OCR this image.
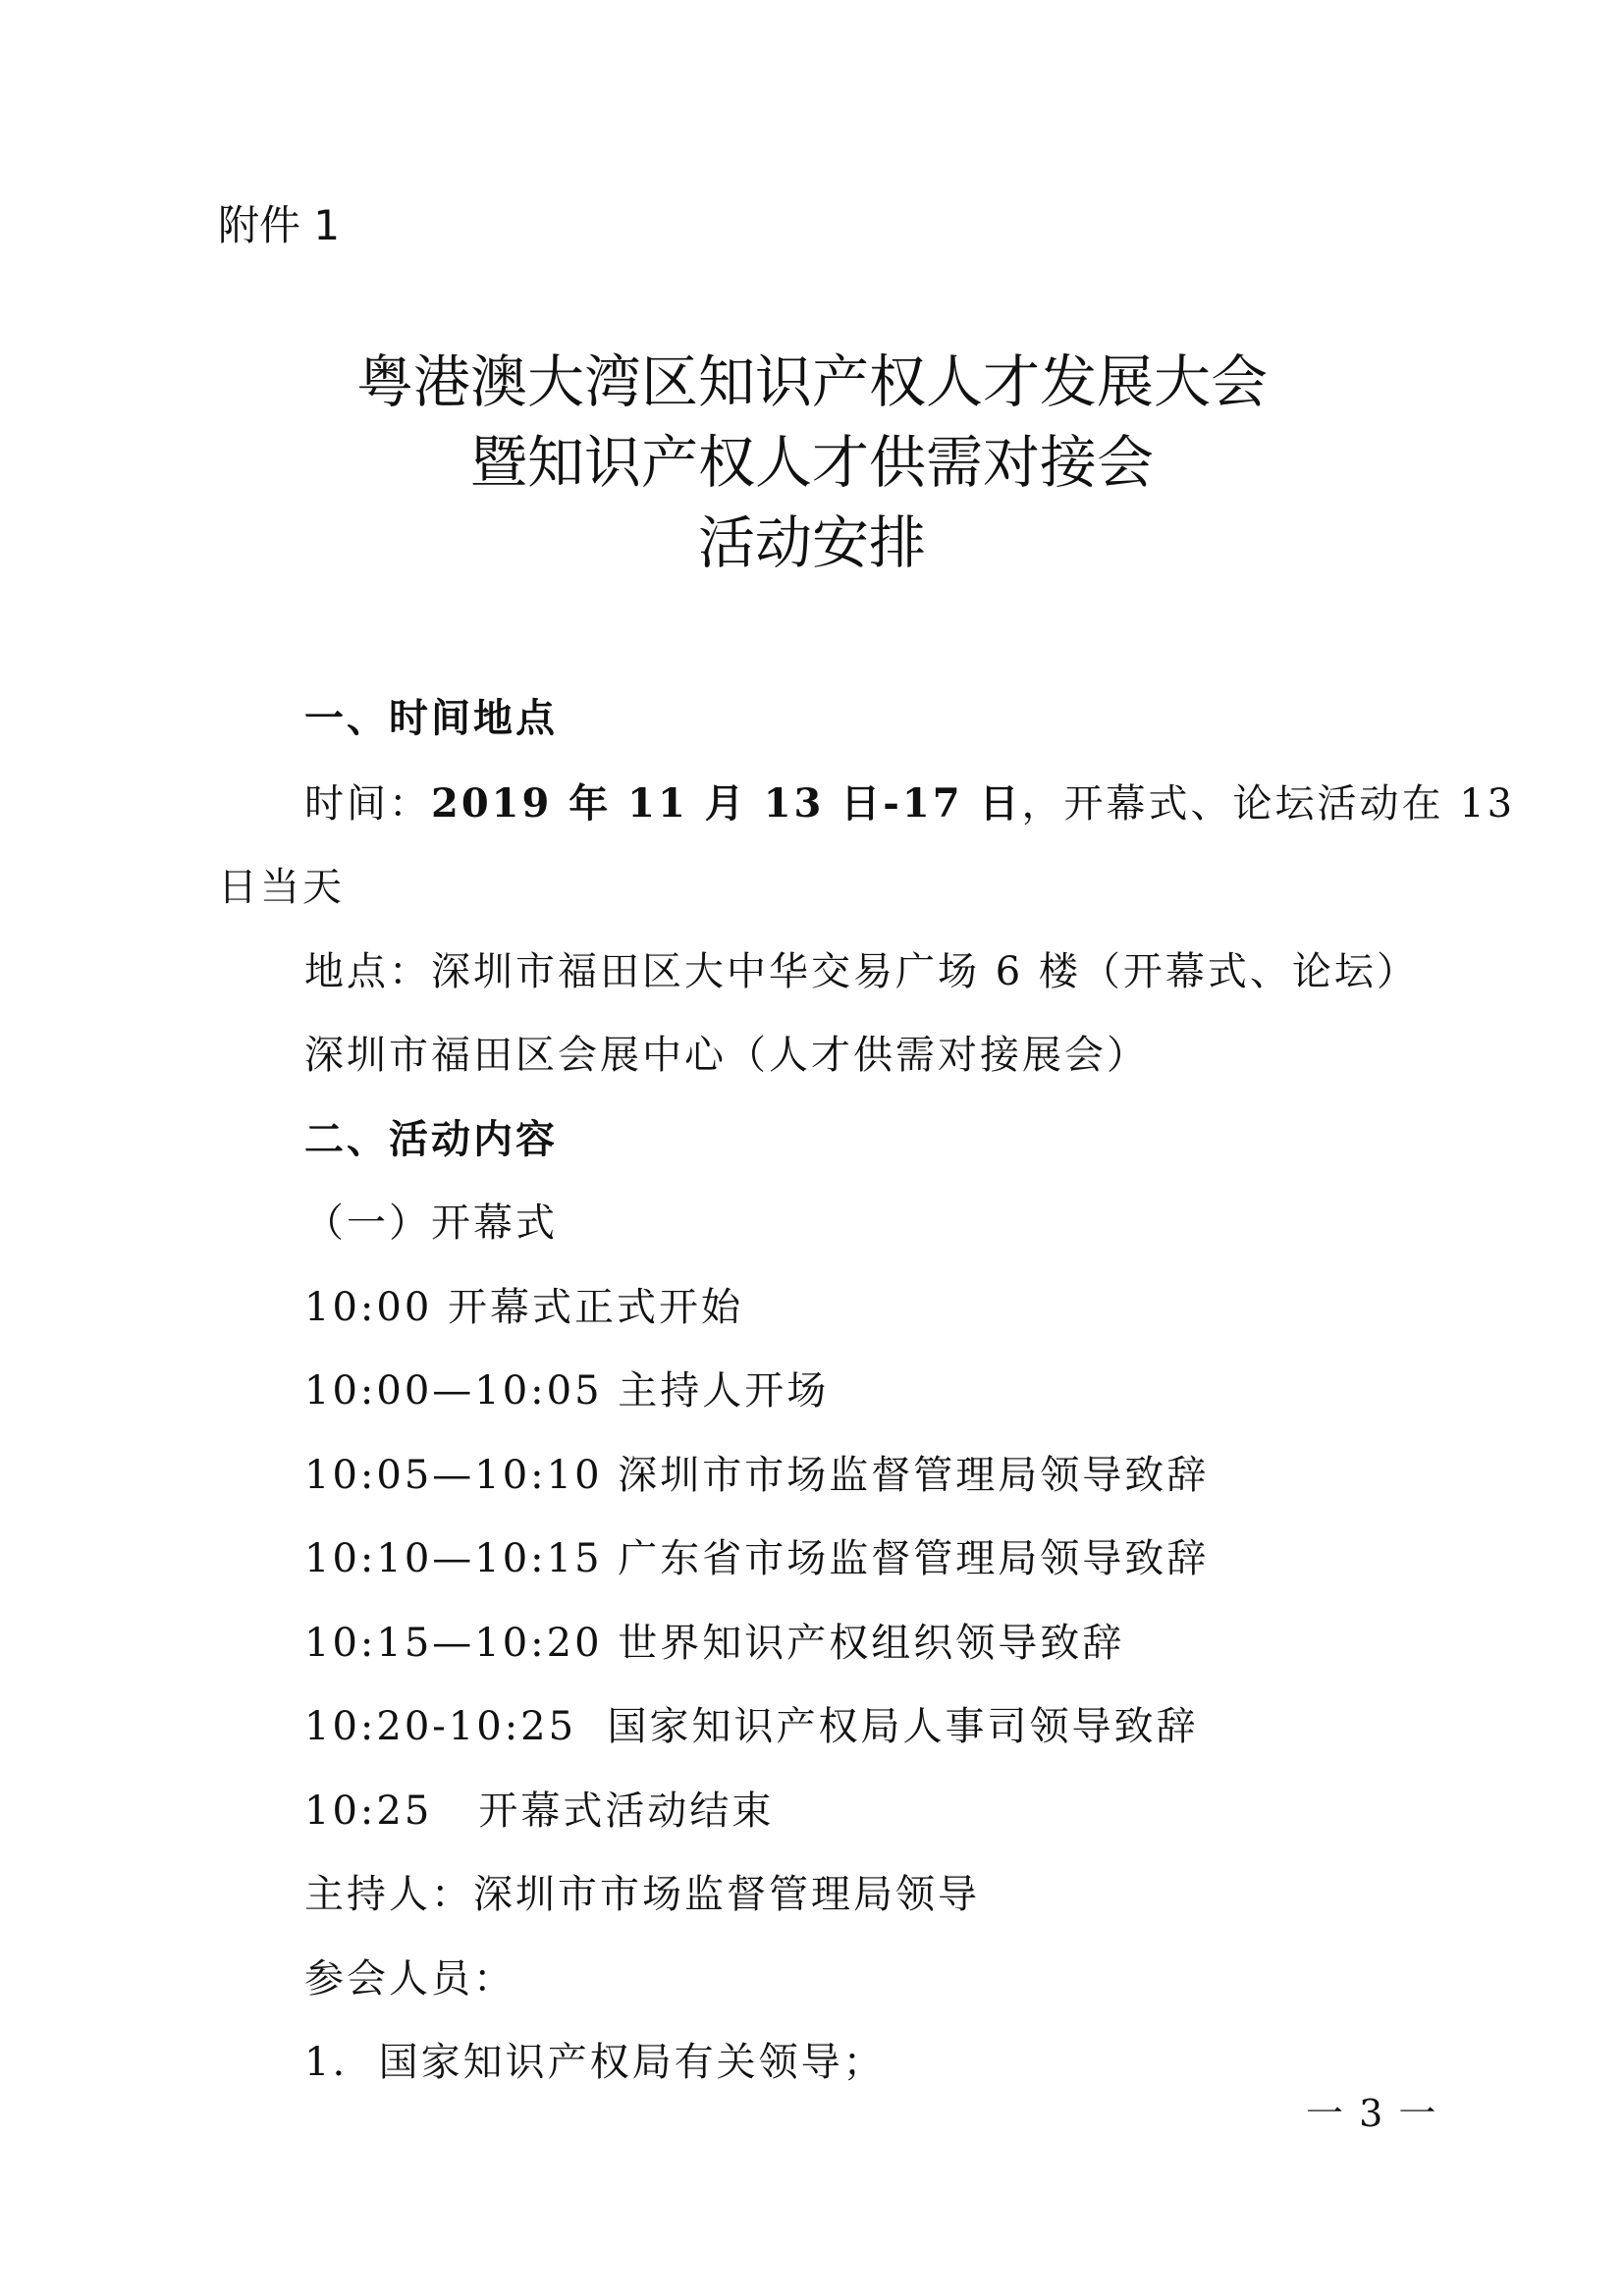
附件 1
粤港澳大湾区知识产权人才发展大会
暨知识产权人才供需对接会
活动安排
一、时间地点
时间：2019 年 11 月 13 日-17 日，开幕式、论坛活动在 13
日当天
地点：深圳市福田区大中华交易广场 6 楼（开幕式、论坛）
深圳市福田区会展中心（人才供需对接展会）
二、活动内容
（一）开幕式
10:00 开幕式正式开始
10:00—10:05 主持人开场
10:05—10:10 深圳市市场监督管理局领导致辞
10:10—10:15 广东省市场监督管理局领导致辞
10:15—10:20 世界知识产权组织领导致辞
10:20-10:25  国家知识产权局人事司领导致辞
10:25   开幕式活动结束
主持人：深圳市市场监督管理局领导
参会人员：
1.  国家知识产权局有关领导；
一 3 一
